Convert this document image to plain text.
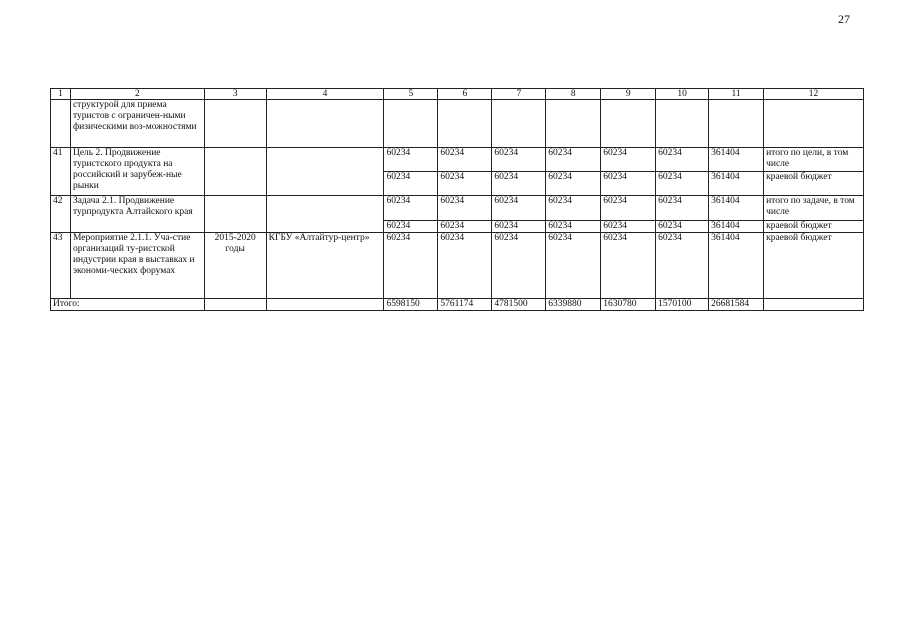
27
1	2	3	4	5	6	7	8	9	10	11	12
	структурой для приема туристов с ограничен-ными физическими воз-можностями										
41	Цель 2. Продвижение туристского продукта на российский и зарубеж-ные рынки			60234	60234	60234	60234	60234	60234	361404	итого по цели, в том числе
				60234	60234	60234	60234	60234	60234	361404	краевой бюджет
42	Задача 2.1. Продвижение турпродукта Алтайского края			60234	60234	60234	60234	60234	60234	361404	итого по задаче, в том числе
				60234	60234	60234	60234	60234	60234	361404	краевой бюджет
43	Мероприятие 2.1.1. Уча-стие организаций ту-ристской индустрии края в выставках и экономи-ческих форумах	2015-2020 годы	КГБУ «Алтайтур-центр»	60234	60234	60234	60234	60234	60234	361404	краевой бюджет
Итого:				6598150	5761174	4781500	6339880	1630780	1570100	26681584	
